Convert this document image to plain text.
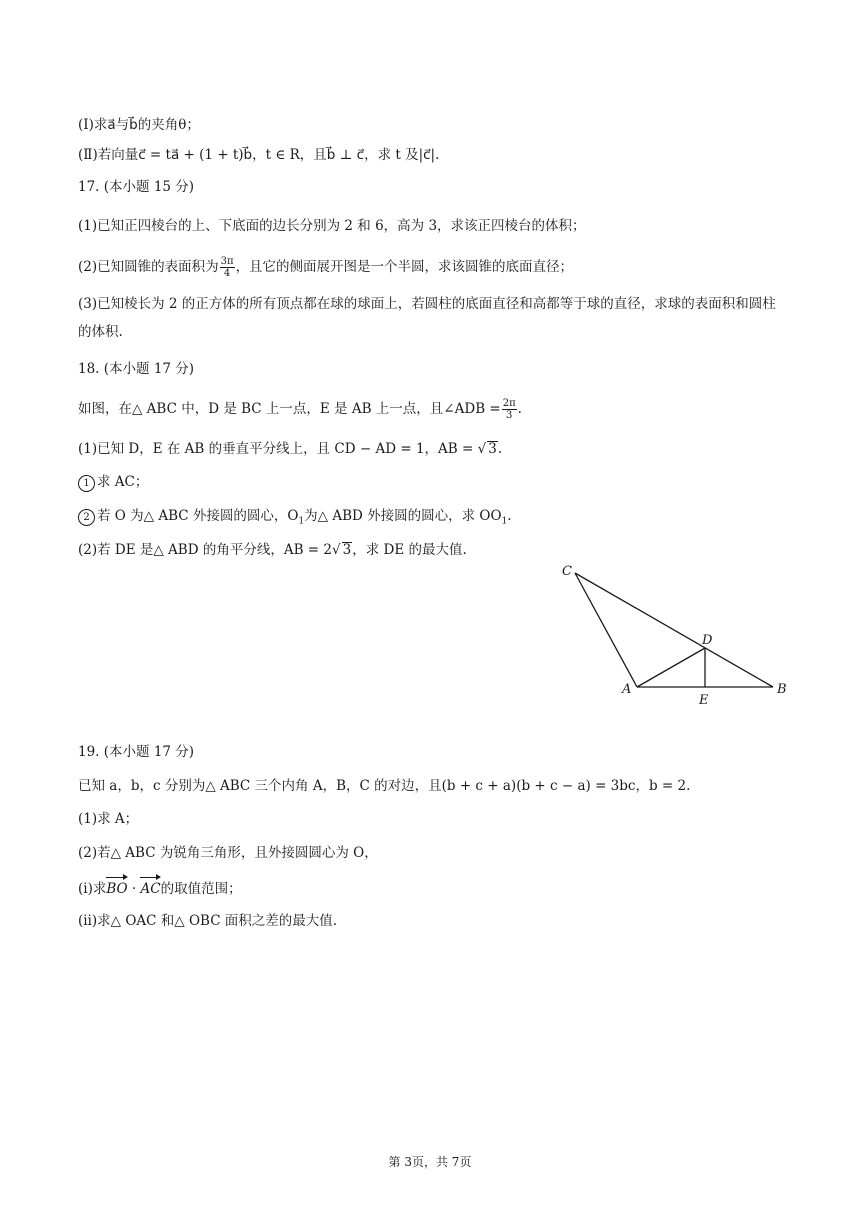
(Ⅰ)求a⃗与b⃗的夹角θ；
(Ⅱ)若向量c⃗ = ta⃗ + (1 + t)b⃗，t ∈ R，且b⃗ ⊥ c⃗，求 t 及|c⃗|.
17. (本小题 15 分)
(1)已知正四棱台的上、下底面的边长分别为 2 和 6，高为 3，求该正四棱台的体积；
(2)已知圆锥的表面积为 $\frac{3\pi}{4}$ ，且它的侧面展开图是一个半圆，求该圆锥的底面直径；
(3)已知棱长为 2 的正方体的所有顶点都在球的球面上，若圆柱的底面直径和高都等于球的直径，求球的表面积和圆柱的体积.
18. (本小题 17 分)
如图，在△ ABC 中，D 是 BC 上一点，E 是 AB 上一点，且∠ADB = $\frac{2\pi}{3}$ .
(1)已知 D，E 在 AB 的垂直平分线上，且 CD − AD = 1，AB = √ 3.
1 求 AC；
2 若 O 为△ ABC 外接圆的圆心，$O_1$为△ ABD 外接圆的圆心，求 $OO_1$.
(2)若 DE 是△ ABD 的角平分线，AB = 2√ 3，求 DE 的最大值.
C
D
A
E
B
19. (本小题 17 分)
已知 a，b，c 分别为△ ABC 三个内角 A，B，C 的对边，且(b + c + a)(b + c − a) = 3bc，b = 2.
(1)求 A；
(2)若△ ABC 为锐角三角形，且外接圆圆心为 O，
(ⅰ)求BO · AC的取值范围；
(ⅱ)求△ OAC 和△ OBC 面积之差的最大值.
第 3页，共 7页
